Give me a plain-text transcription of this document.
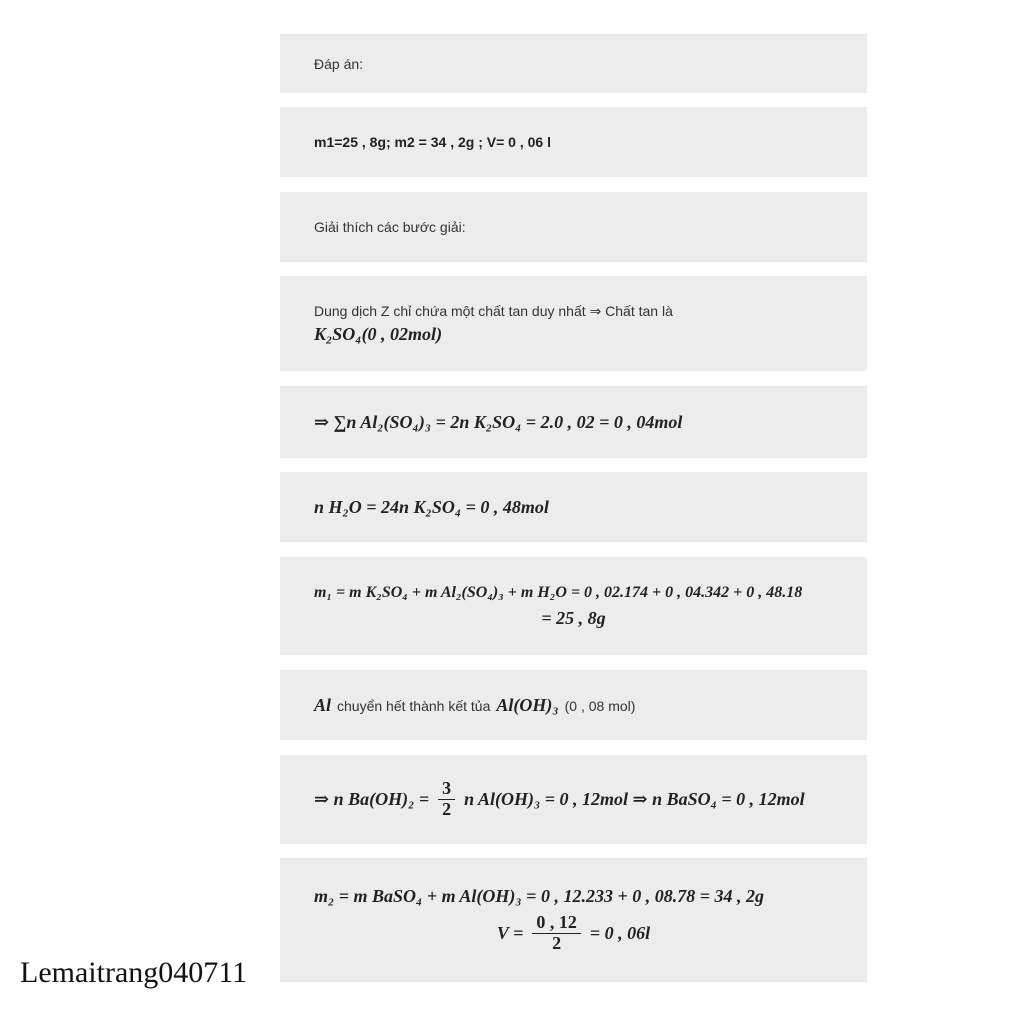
Đáp án:
m1=25 , 8g; m2 = 34 , 2g ; V= 0 , 06 l
Giải thích các bước giải:
Dung dịch Z chỉ chứa một chất tan duy nhất ⇒ Chất tan là
K₂SO₄(0 , 02mol)
⇒ ∑n Al₂(SO₄)₃ = 2n K₂SO₄ = 2.0 , 02 = 0 , 04mol
n H₂O = 24n K₂SO₄ = 0 , 48mol
m₁ = m K₂SO₄ + m Al₂(SO₄)₃ + m H₂O = 0 , 02.174 + 0 , 04.342 + 0 , 48.18
= 25 , 8g
Al chuyển hết thành kết tủa Al(OH)₃ (0 , 08 mol)
⇒ n $Ba(OH)_2 = \frac{3}{2}$ n Al(OH)₃ = 0 , 12mol ⇒ n BaSO₄ = 0 , 12mol
m₂ = m BaSO₄ + m Al(OH)₃ = 0 , 12.233 + 0 , 08.78 = 34 , 2g
$V = \frac{0 , 12}{2} = 0$ , 06l
Lemaitrang040711
